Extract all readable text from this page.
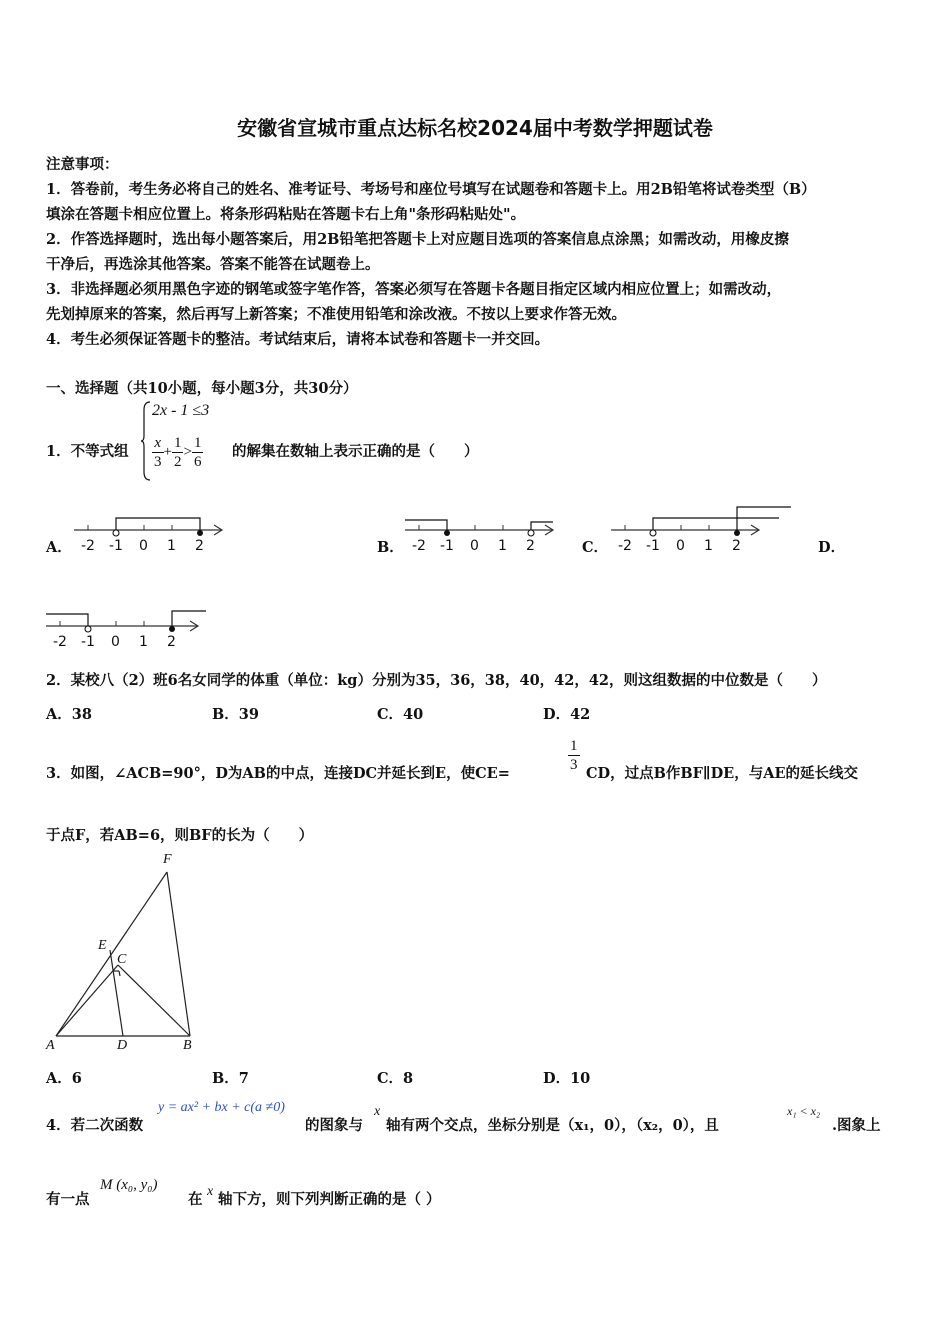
安徽省宣城市重点达标名校2024届中考数学押题试卷
注意事项：
1．答卷前，考生务必将自己的姓名、准考证号、考场号和座位号填写在试题卷和答题卡上。用2B铅笔将试卷类型（B）
填涂在答题卡相应位置上。将条形码粘贴在答题卡右上角"条形码粘贴处"。
2．作答选择题时，选出每小题答案后，用2B铅笔把答题卡上对应题目选项的答案信息点涂黑；如需改动，用橡皮擦
干净后，再选涂其他答案。答案不能答在试题卷上。
3．非选择题必须用黑色字迹的钢笔或签字笔作答，答案必须写在答题卡各题目指定区域内相应位置上；如需改动，
先划掉原来的答案，然后再写上新答案；不准使用铅笔和涂改液。不按以上要求作答无效。
4．考生必须保证答题卡的整洁。考试结束后，请将本试卷和答题卡一并交回。
一、选择题（共10小题，每小题3分，共30分）
1．不等式组
2x - 1 ≤3
$\frac{x}{3} + \frac{1}{2} > \frac{1}{6}$ 的解集在数轴上表示正确的是（　　）
A．	B．	C．	D．
-2 -1 0 1 2	-2 -1 0 1 2	-2 -1 0 1 2
-2 -1 0 1 2
2．某校八（2）班6名女同学的体重（单位：kg）分别为35，36，38，40，42，42，则这组数据的中位数是（　　）
A．38	B．39	C．40	D．42
3．如图，∠ACB=90°，D为AB的中点，连接DC并延长到E，使CE=	$\frac{1}{3}$ CD，过点B作BF∥DE，与AE的延长线交
于点F，若AB=6，则BF的长为（　　）
F
E
C
A	D	B
A．6	B．7	C．8	D．10
4．若二次函数
y = ax² + bx + c(a ≠0)
的图象与
x
轴有两个交点，坐标分别是（x₁，0），（x₂，0），且
x₁ < x₂
.图象上
有一点
M (x₀, y₀)
在 x 轴下方，则下列判断正确的是（ ）
